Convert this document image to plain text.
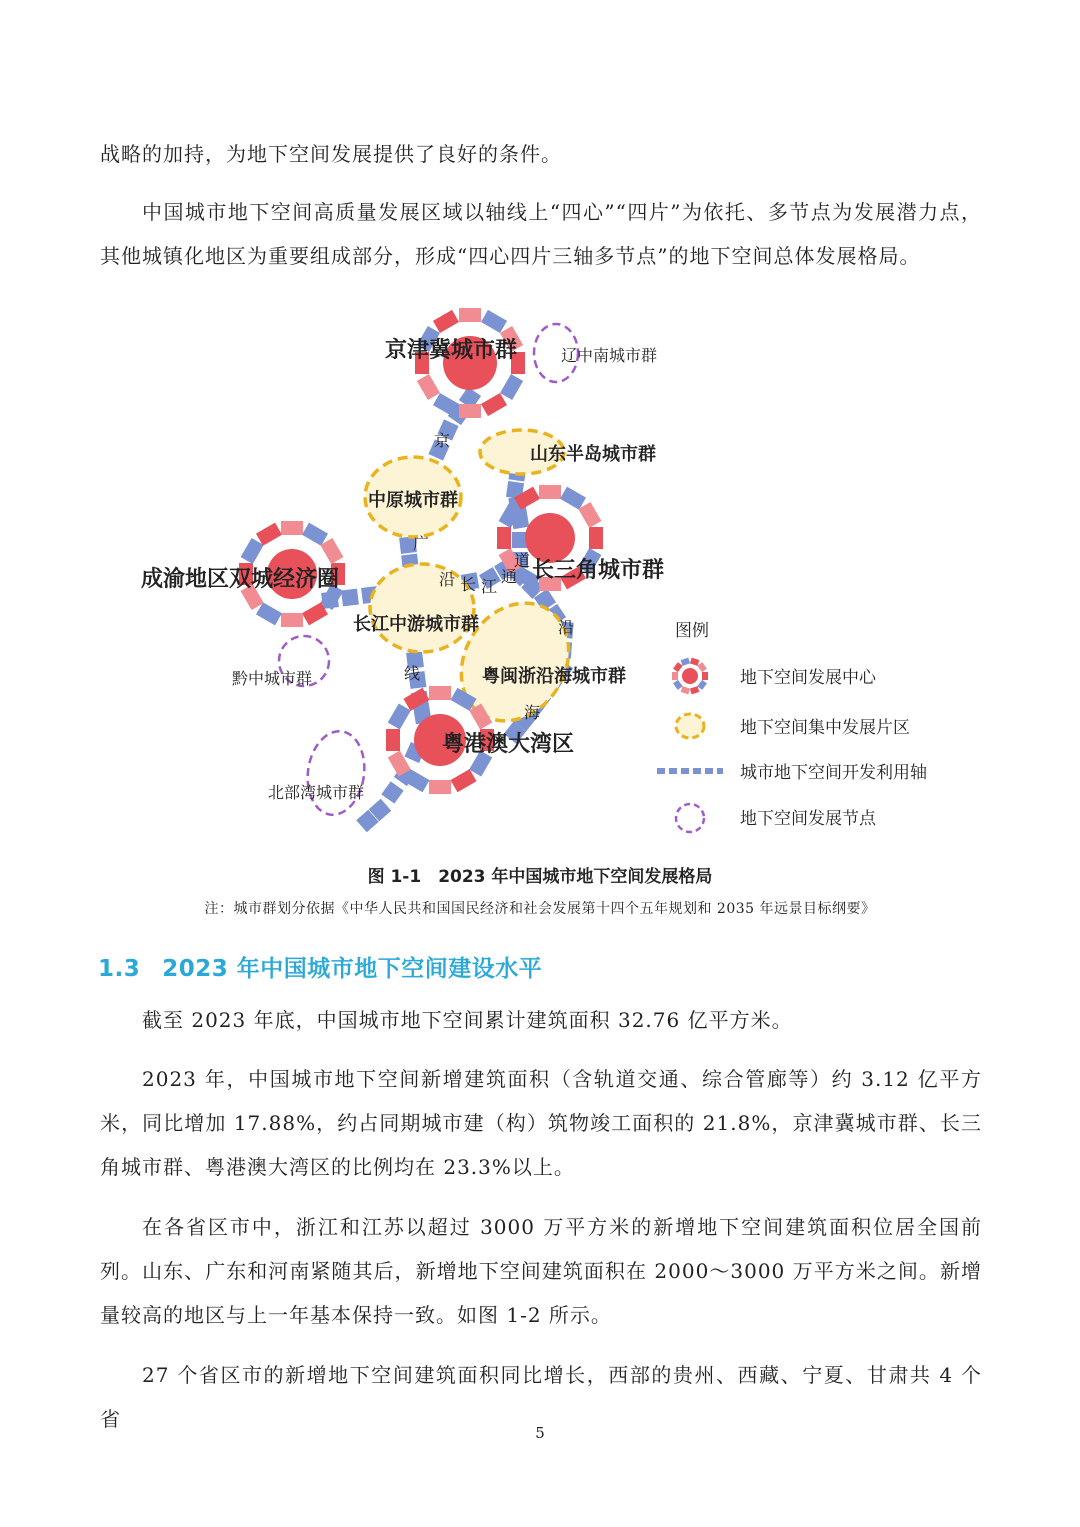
战略的加持，为地下空间发展提供了良好的条件。

中国城市地下空间高质量发展区域以轴线上“四心”“四片”为依托、多节点为发展潜力点，其他城镇化地区为重要组成部分，形成“四心四片三轴多节点”的地下空间总体发展格局。

京津冀城市群
长三角城市群
成渝地区双城经济圈
粤港澳大湾区
中原城市群
长江中游城市群
山东半岛城市群
粤闽浙沿海城市群
辽中南城市群
黔中城市群
北部湾城市群
京
广
线
沿 长 江
道
通
沿
海
图例
地下空间发展中心
地下空间集中发展片区
城市地下空间开发利用轴
地下空间发展节点
图 1-1　2023 年中国城市地下空间发展格局
注：城市群划分依据《中华人民共和国国民经济和社会发展第十四个五年规划和 2035 年远景目标纲要》
1.3 2023 年中国城市地下空间建设水平

截至 2023 年底，中国城市地下空间累计建筑面积 32.76 亿平方米。

2023 年，中国城市地下空间新增建筑面积（含轨道交通、综合管廊等）约 3.12 亿平方米，同比增加 17.88%，约占同期城市建（构）筑物竣工面积的 21.8%，京津冀城市群、长三角城市群、粤港澳大湾区的比例均在 23.3%以上。

在各省区市中，浙江和江苏以超过 3000 万平方米的新增地下空间建筑面积位居全国前列。山东、广东和河南紧随其后，新增地下空间建筑面积在 2000～3000 万平方米之间。新增量较高的地区与上一年基本保持一致。如图 1-2 所示。

27 个省区市的新增地下空间建筑面积同比增长，西部的贵州、西藏、宁夏、甘肃共 4 个省

5
